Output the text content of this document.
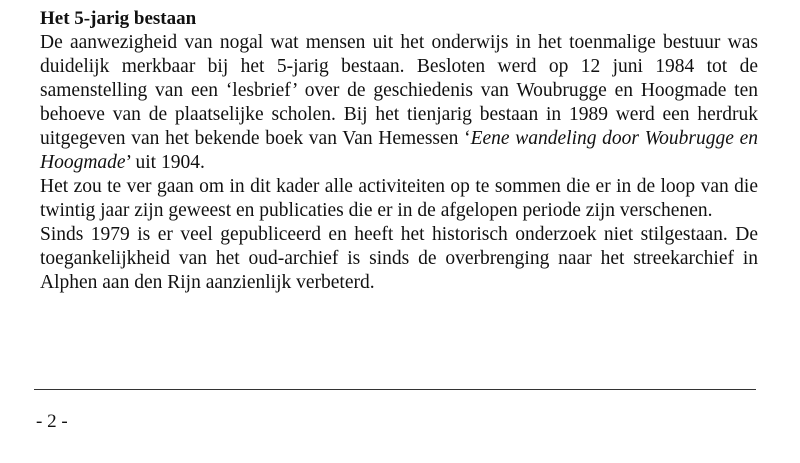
Het 5-jarig bestaan

De aanwezigheid van nogal wat mensen uit het onderwijs in het toenmalige bestuur was duidelijk merkbaar bij het 5-jarig bestaan. Besloten werd op 12 juni 1984 tot de samenstelling van een ‘lesbrief’ over de geschiedenis van Woubrugge en Hoogmade ten behoeve van de plaatselijke scholen. Bij het tienjarig bestaan in 1989 werd een herdruk uitgegeven van het bekende boek van Van Hemessen ‘Eene wandeling door Woubrugge en Hoogmade’ uit 1904.

Het zou te ver gaan om in dit kader alle activiteiten op te sommen die er in de loop van die twintig jaar zijn geweest en publicaties die er in de afgelopen periode zijn verschenen.

Sinds 1979 is er veel gepubliceerd en heeft het historisch onderzoek niet stilgestaan. De toegankelijkheid van het oud-archief is sinds de overbrenging naar het streekarchief in Alphen aan den Rijn aanzienlijk verbeterd.

- 2 -
